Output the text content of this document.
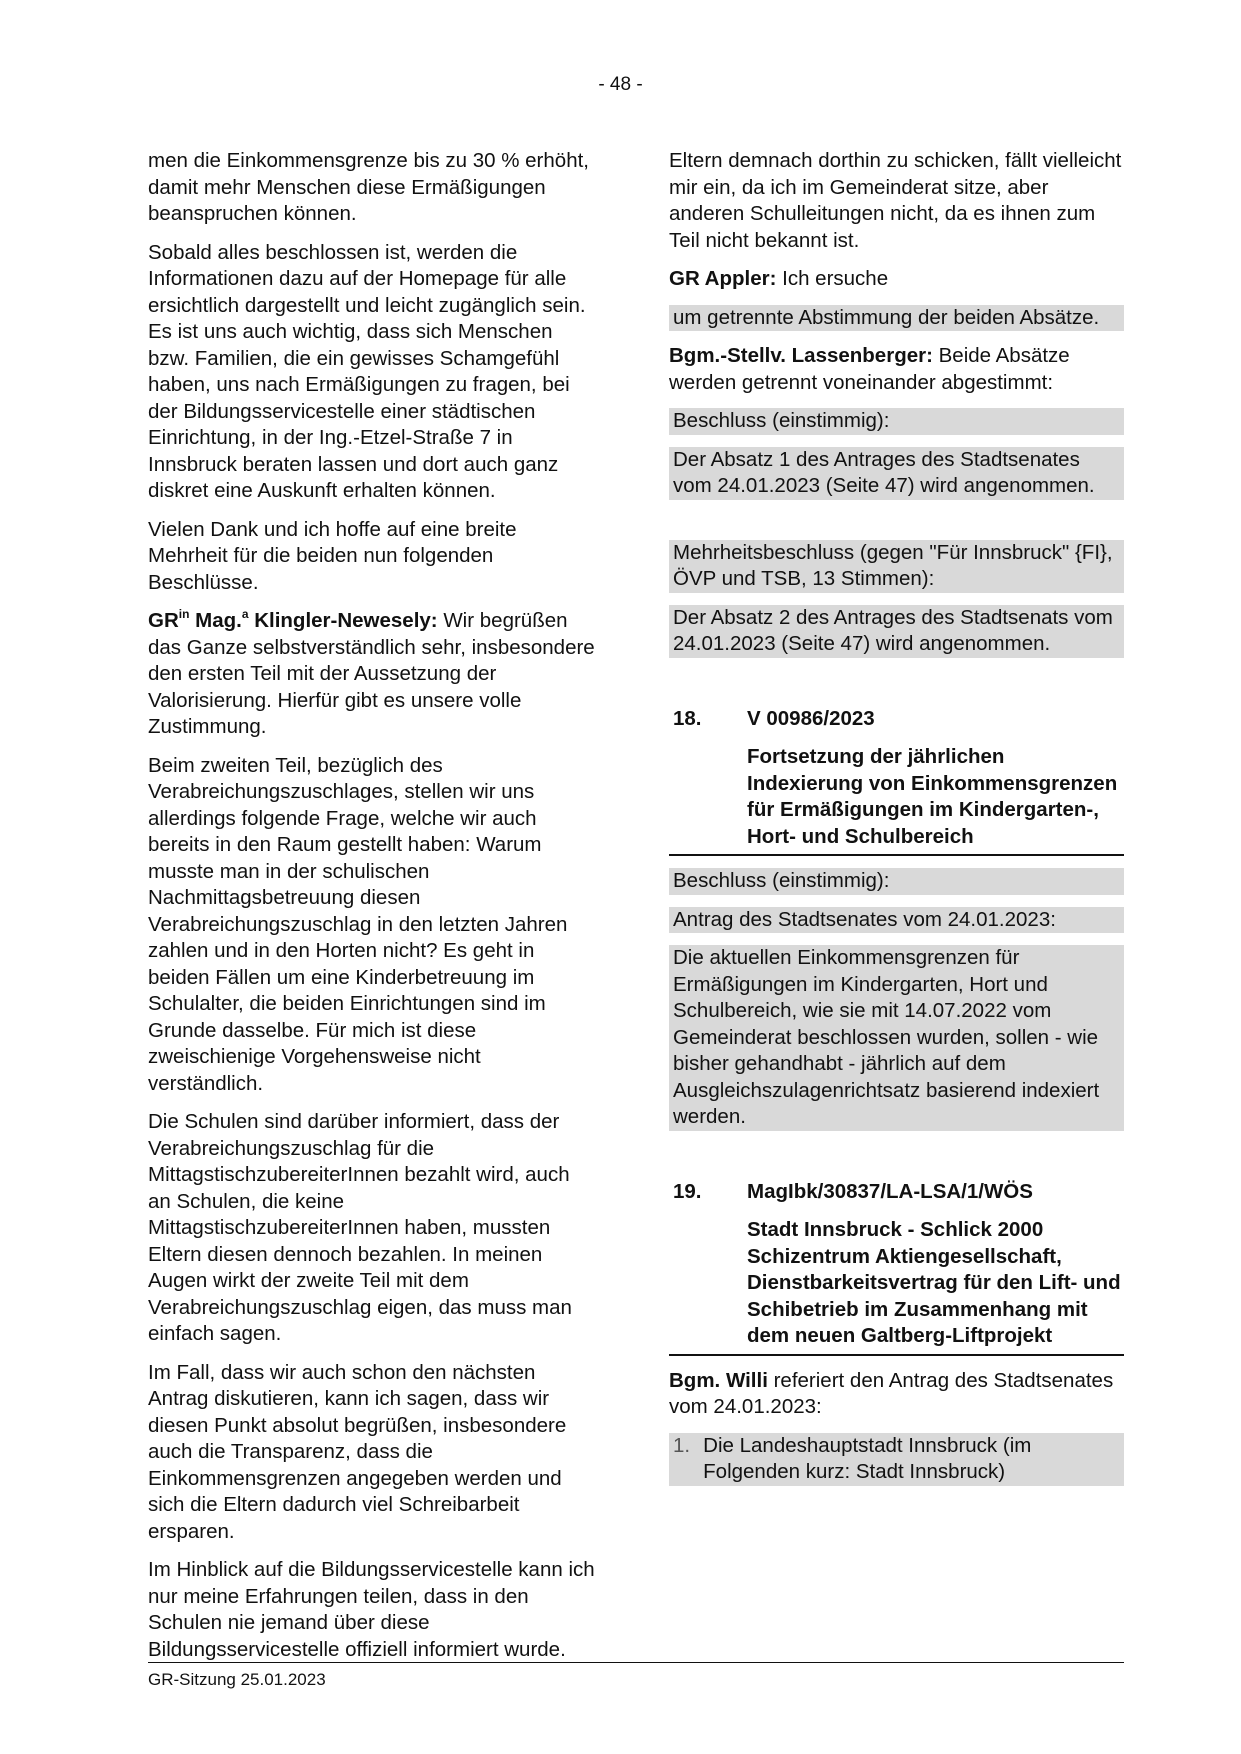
- 48 -

men die Einkommensgrenze bis zu 30 % erhöht, damit mehr Menschen diese Ermäßigungen beanspruchen können.

Sobald alles beschlossen ist, werden die Informationen dazu auf der Homepage für alle ersichtlich dargestellt und leicht zugänglich sein. Es ist uns auch wichtig, dass sich Menschen bzw. Familien, die ein gewisses Schamgefühl haben, uns nach Ermäßigungen zu fragen, bei der Bildungsservicestelle einer städtischen Einrichtung, in der Ing.-Etzel-Straße 7 in Innsbruck beraten lassen und dort auch ganz diskret eine Auskunft erhalten können.

Vielen Dank und ich hoffe auf eine breite Mehrheit für die beiden nun folgenden Beschlüsse.

$GR^{in}$ Mag.$^a$ Klingler-Newesely: Wir begrüßen das Ganze selbstverständlich sehr, insbesondere den ersten Teil mit der Aussetzung der Valorisierung. Hierfür gibt es unsere volle Zustimmung.

Beim zweiten Teil, bezüglich des Verabreichungszuschlages, stellen wir uns allerdings folgende Frage, welche wir auch bereits in den Raum gestellt haben: Warum musste man in der schulischen Nachmittagsbetreuung diesen Verabreichungszuschlag in den letzten Jahren zahlen und in den Horten nicht? Es geht in beiden Fällen um eine Kinderbetreuung im Schulalter, die beiden Einrichtungen sind im Grunde dasselbe. Für mich ist diese zweischienige Vorgehensweise nicht verständlich.

Die Schulen sind darüber informiert, dass der Verabreichungszuschlag für die MittagstischzubereiterInnen bezahlt wird, auch an Schulen, die keine MittagstischzubereiterInnen haben, mussten Eltern diesen dennoch bezahlen. In meinen Augen wirkt der zweite Teil mit dem Verabreichungszuschlag eigen, das muss man einfach sagen.

Im Fall, dass wir auch schon den nächsten Antrag diskutieren, kann ich sagen, dass wir diesen Punkt absolut begrüßen, insbesondere auch die Transparenz, dass die Einkommensgrenzen angegeben werden und sich die Eltern dadurch viel Schreibarbeit ersparen.

Im Hinblick auf die Bildungsservicestelle kann ich nur meine Erfahrungen teilen, dass in den Schulen nie jemand über diese Bildungsservicestelle offiziell informiert wurde.

Eltern demnach dorthin zu schicken, fällt vielleicht mir ein, da ich im Gemeinderat sitze, aber anderen Schulleitungen nicht, da es ihnen zum Teil nicht bekannt ist.

GR Appler: Ich ersuche

um getrennte Abstimmung der beiden Absätze.

Bgm.-Stellv. Lassenberger: Beide Absätze werden getrennt voneinander abgestimmt:

Beschluss (einstimmig):
Der Absatz 1 des Antrages des Stadtsenates vom 24.01.2023 (Seite 47) wird angenommen.
Mehrheitsbeschluss (gegen "Für Innsbruck" {FI}, ÖVP und TSB, 13 Stimmen):
Der Absatz 2 des Antrages des Stadtsenats vom 24.01.2023 (Seite 47) wird angenommen.
18.	V 00986/2023
Fortsetzung der jährlichen Indexierung von Einkommensgrenzen für Ermäßigungen im Kindergarten-, Hort- und Schulbereich
Beschluss (einstimmig):
Antrag des Stadtsenates vom 24.01.2023:
Die aktuellen Einkommensgrenzen für Ermäßigungen im Kindergarten, Hort und Schulbereich, wie sie mit 14.07.2022 vom Gemeinderat beschlossen wurden, sollen - wie bisher gehandhabt - jährlich auf dem Ausgleichszulagenrichtsatz basierend indexiert werden.
19.	MagIbk/30837/LA-LSA/1/WÖS
Stadt Innsbruck - Schlick 2000 Schizentrum Aktiengesellschaft, Dienstbarkeitsvertrag für den Lift- und Schibetrieb im Zusammenhang mit dem neuen Galtberg-Liftprojekt

Bgm. Willi referiert den Antrag des Stadtsenates vom 24.01.2023:

1. Die Landeshauptstadt Innsbruck (im Folgenden kurz: Stadt Innsbruck)
GR-Sitzung 25.01.2023
